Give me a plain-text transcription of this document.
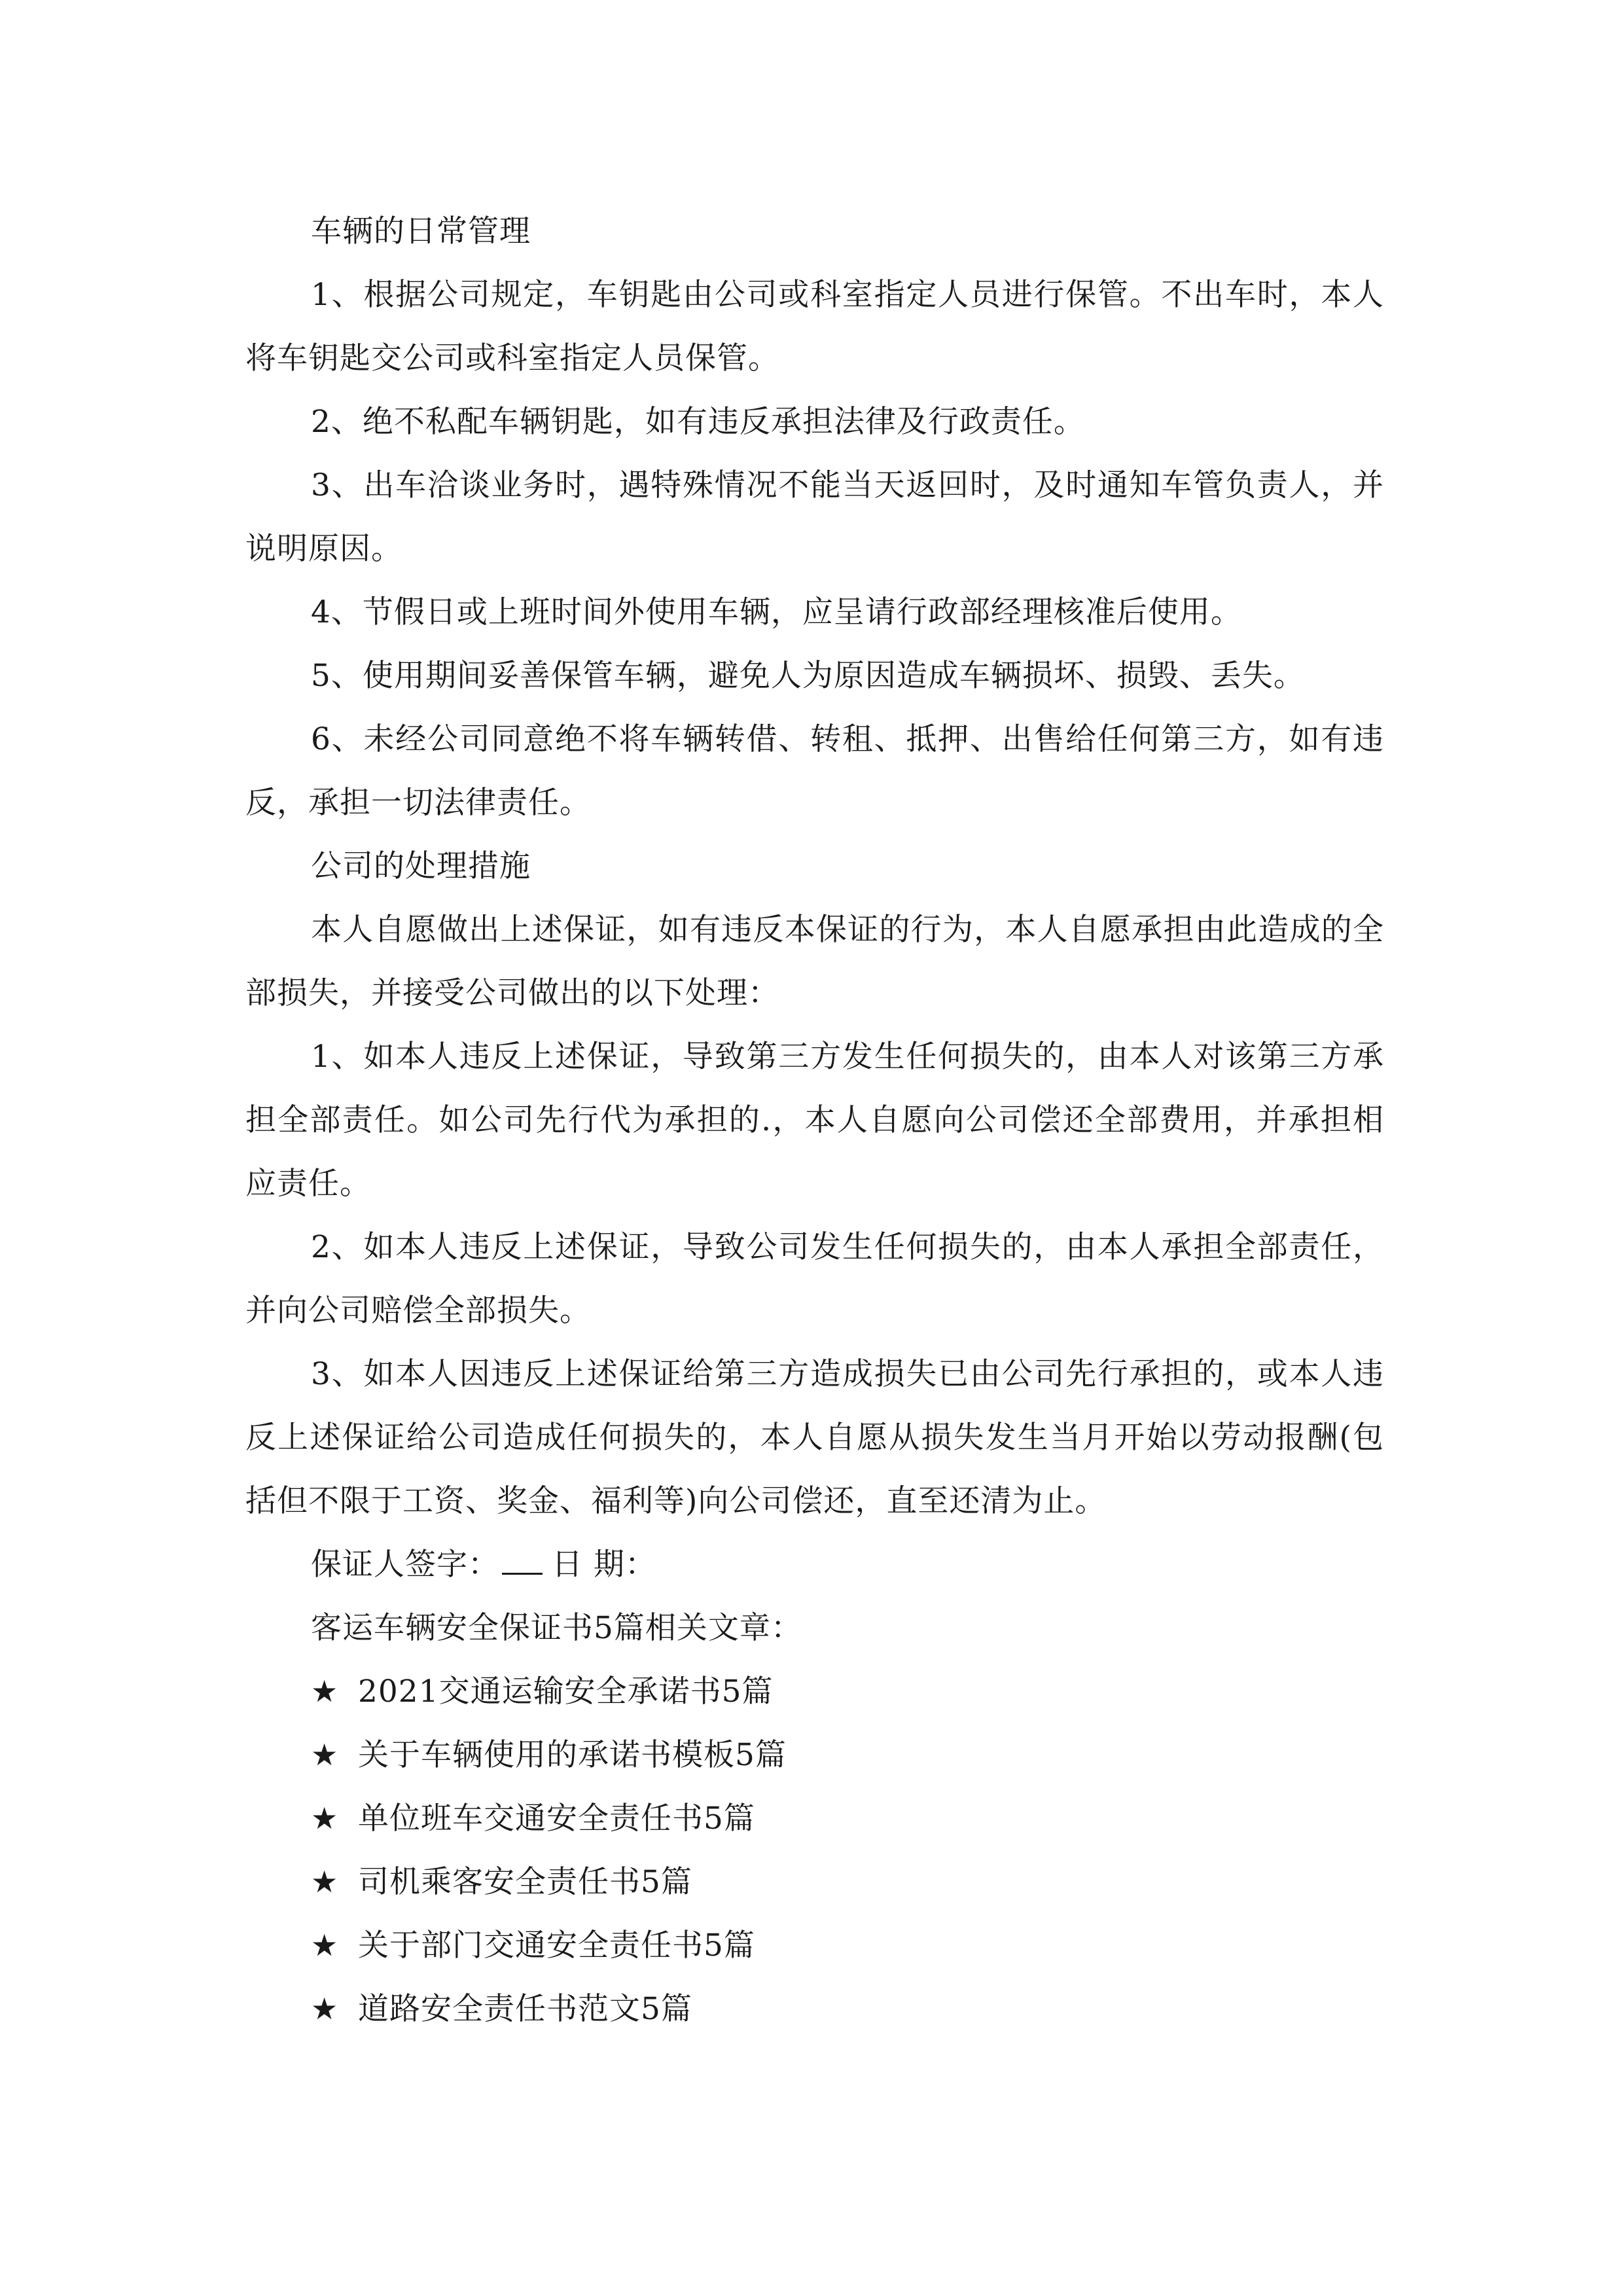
车辆的日常管理

1、根据公司规定，车钥匙由公司或科室指定人员进行保管。不出车时，本人将车钥匙交公司或科室指定人员保管。

2、绝不私配车辆钥匙，如有违反承担法律及行政责任。

3、出车洽谈业务时，遇特殊情况不能当天返回时，及时通知车管负责人，并说明原因。

4、节假日或上班时间外使用车辆，应呈请行政部经理核准后使用。

5、使用期间妥善保管车辆，避免人为原因造成车辆损坏、损毁、丢失。

6、未经公司同意绝不将车辆转借、转租、抵押、出售给任何第三方，如有违反，承担一切法律责任。

公司的处理措施

本人自愿做出上述保证，如有违反本保证的行为，本人自愿承担由此造成的全部损失，并接受公司做出的以下处理：

1、如本人违反上述保证，导致第三方发生任何损失的，由本人对该第三方承担全部责任。如公司先行代为承担的.，本人自愿向公司偿还全部费用，并承担相应责任。

2、如本人违反上述保证，导致公司发生任何损失的，由本人承担全部责任，并向公司赔偿全部损失。

3、如本人因违反上述保证给第三方造成损失已由公司先行承担的，或本人违反上述保证给公司造成任何损失的，本人自愿从损失发生当月开始以劳动报酬(包括但不限于工资、奖金、福利等)向公司偿还，直至还清为止。

保证人签字： 日 期：

客运车辆安全保证书5篇相关文章：

★ 2021交通运输安全承诺书5篇
★ 关于车辆使用的承诺书模板5篇
★ 单位班车交通安全责任书5篇
★ 司机乘客安全责任书5篇
★ 关于部门交通安全责任书5篇
★ 道路安全责任书范文5篇
